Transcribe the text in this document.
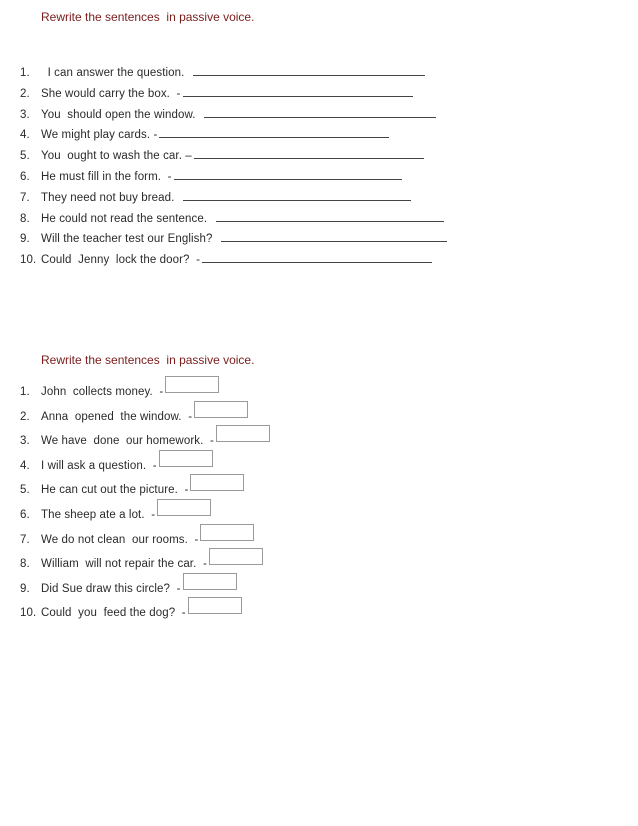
Rewrite the sentences  in passive voice.
1.  I can answer the question.
2. She would carry the box.  -
3. You  should open the window.
4. We might play cards. -
5. You  ought to wash the car. –
6. He must fill in the form.  -
7. They need not buy bread.
8. He could not read the sentence.
9. Will the teacher test our English?
10. Could  Jenny  lock the door?  -
Rewrite the sentences  in passive voice.
1. John  collects money.  -
2. Anna  opened  the window.  -
3. We have  done  our homework.  -
4. I will ask a question.  -
5. He can cut out the picture.  -
6. The sheep ate a lot.  -
7. We do not clean  our rooms.  -
8. William  will not repair the car.  -
9. Did Sue draw this circle?  -
10. Could  you  feed the dog?  -
